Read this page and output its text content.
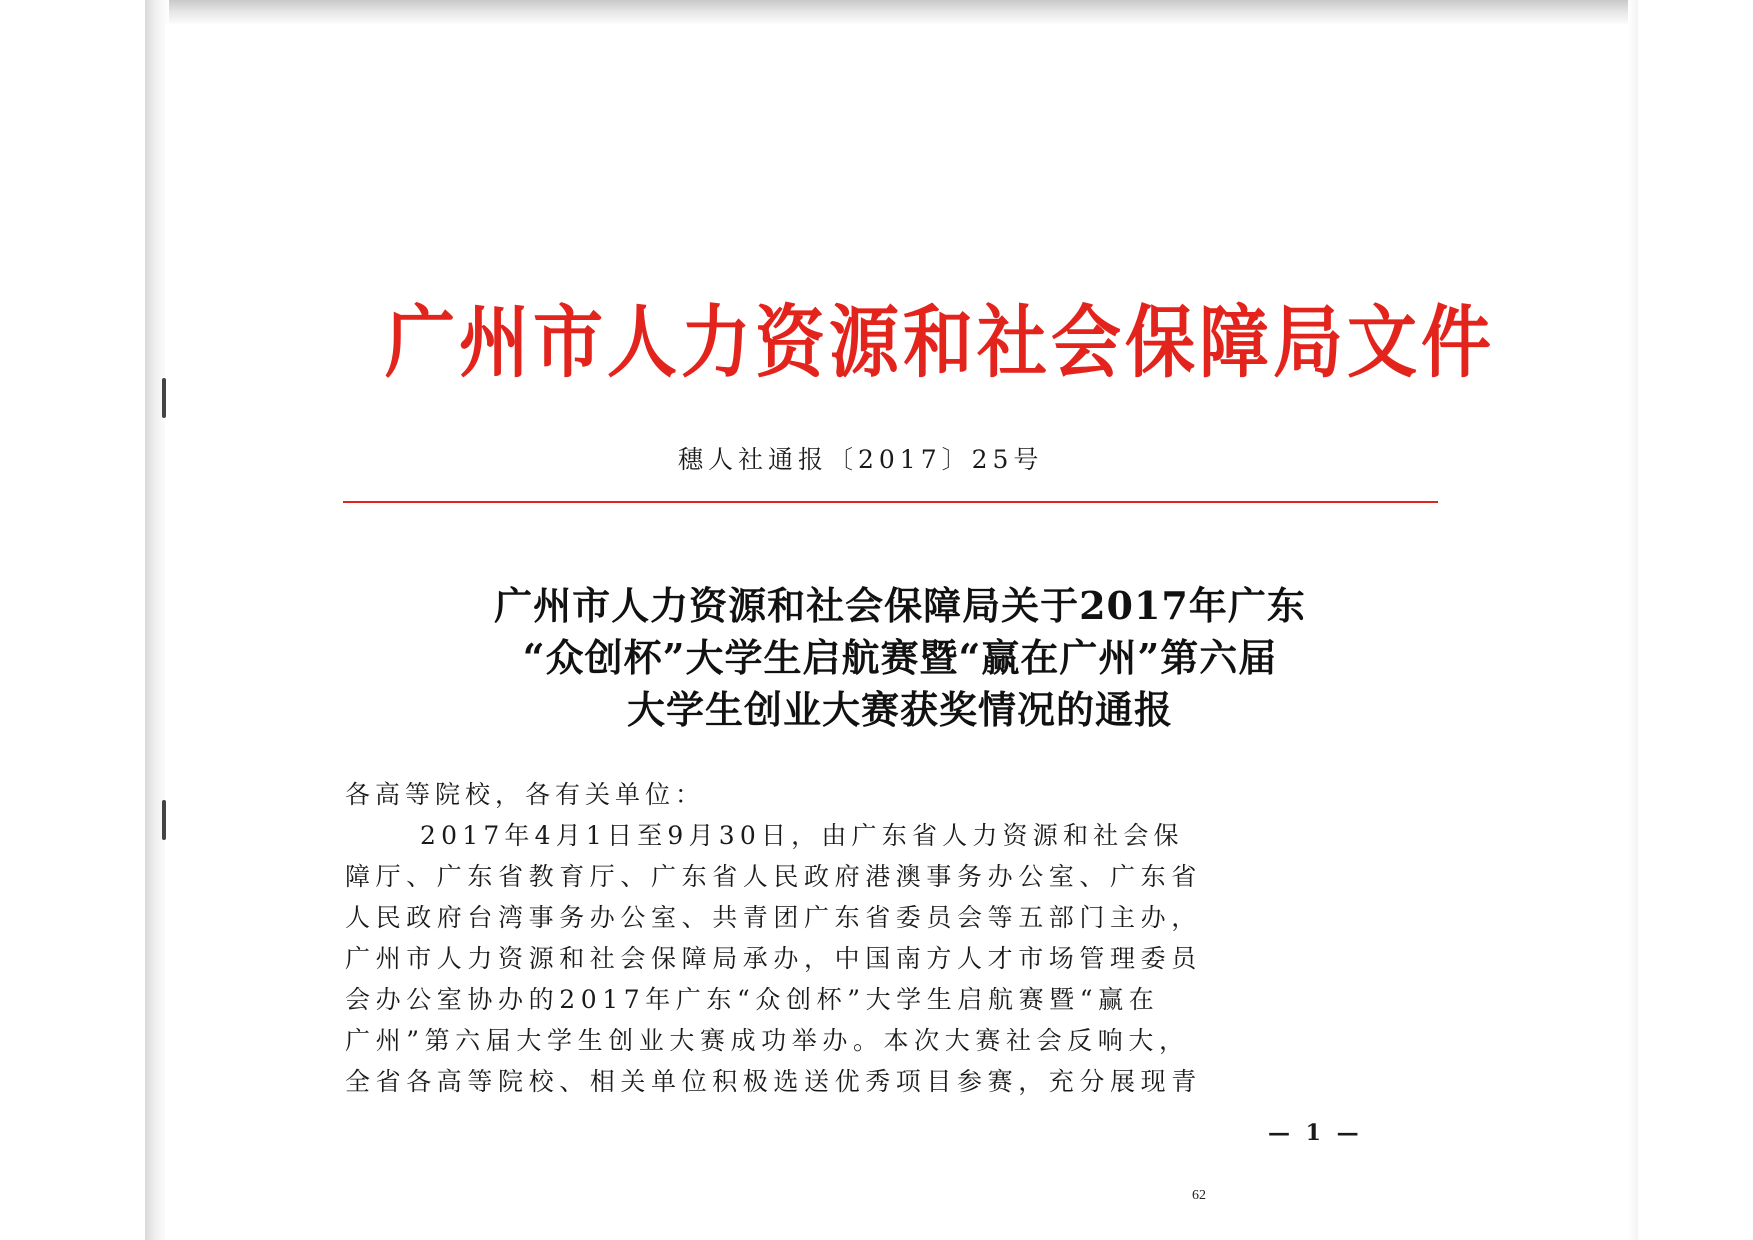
广州市人力资源和社会保障局文件
穗人社通报〔2017〕25号
广州市人力资源和社会保障局关于2017年广东
“众创杯”大学生启航赛暨“赢在广州”第六届
大学生创业大赛获奖情况的通报
各高等院校，各有关单位：
2017年4月1日至9月30日，由广东省人力资源和社会保
障厅、广东省教育厅、广东省人民政府港澳事务办公室、广东省
人民政府台湾事务办公室、共青团广东省委员会等五部门主办，
广州市人力资源和社会保障局承办，中国南方人才市场管理委员
会办公室协办的2017年广东“众创杯”大学生启航赛暨“赢在
广州”第六届大学生创业大赛成功举办。本次大赛社会反响大，
全省各高等院校、相关单位积极选送优秀项目参赛，充分展现青
— 1 —
62
